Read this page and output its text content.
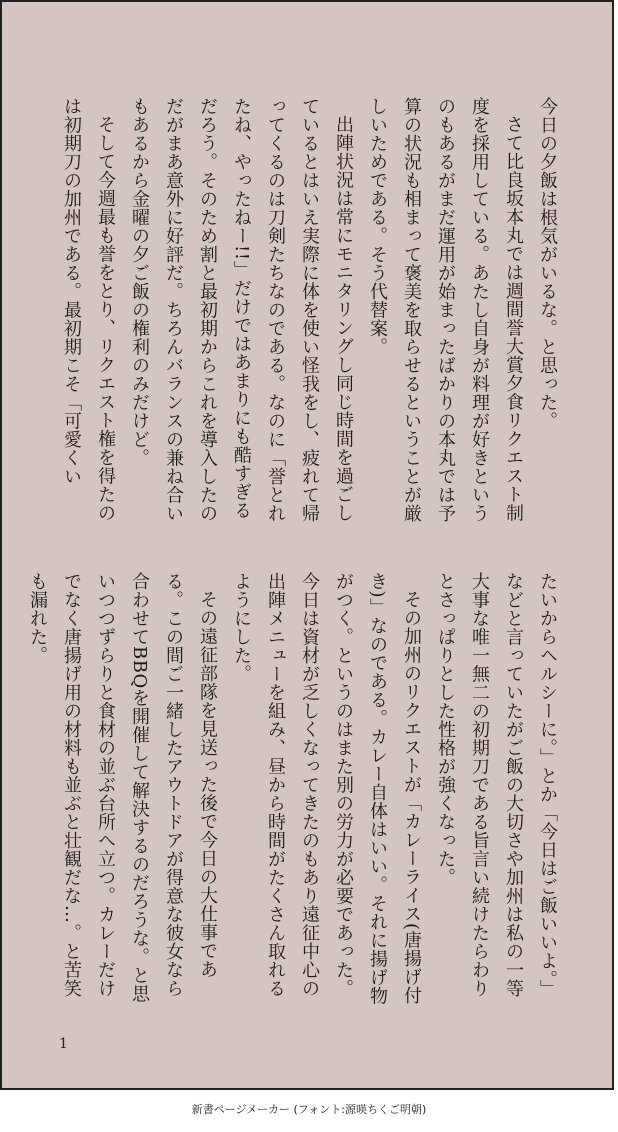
今日の夕飯は根気がいるな。と思った。

さて比良坂本丸では週間誉大賞夕食リクエスト制度を採用している。あたし自身が料理が好きというのもあるがまだ運用が始まったばかりの本丸では予算の状況も相まって褒美を取らせるということが厳しいためである。そう代替案。

出陣状況は常にモニタリングし同じ時間を過ごしているとはいえ実際に体を使い怪我をし、疲れて帰ってくるのは刀剣たちなのである。なのに「誉とれたね、やったねー!!」だけではあまりにも酷すぎるだろう。そのため割と最初期からこれを導入したのだがまあ意外に好評だ。ちろんバランスの兼ね合いもあるから金曜の夕ご飯の権利のみだけど。

そして今週最も誉をとり、リクエスト権を得たのは初期刀の加州である。最初期こそ「可愛くい

たいからヘルシーに。」とか「今日はご飯いいよ。」などと言っていたがご飯の大切さや加州は私の一等大事な唯一無二の初期刀である旨言い続けたらわりとさっぱりとした性格が強くなった。

その加州のリクエストが「カレーライス(唐揚げ付き)」なのである。カレー自体はいい。それに揚げ物がつく。というのはまた別の労力が必要であった。今日は資材が乏しくなってきたのもあり遠征中心の出陣メニューを組み、昼から時間がたくさん取れるようにした。

その遠征部隊を見送った後で今日の大仕事である。この間ご一緒したアウトドアが得意な彼女なら合わせてBBQを開催して解決するのだろうな。と思いつつずらりと食材の並ぶ台所へ立つ。カレーだけでなく唐揚げ用の材料も並ぶと壮観だな…。と苦笑も漏れた。

1
新書ページメーカー (フォント:源暎ちくご明朝)
